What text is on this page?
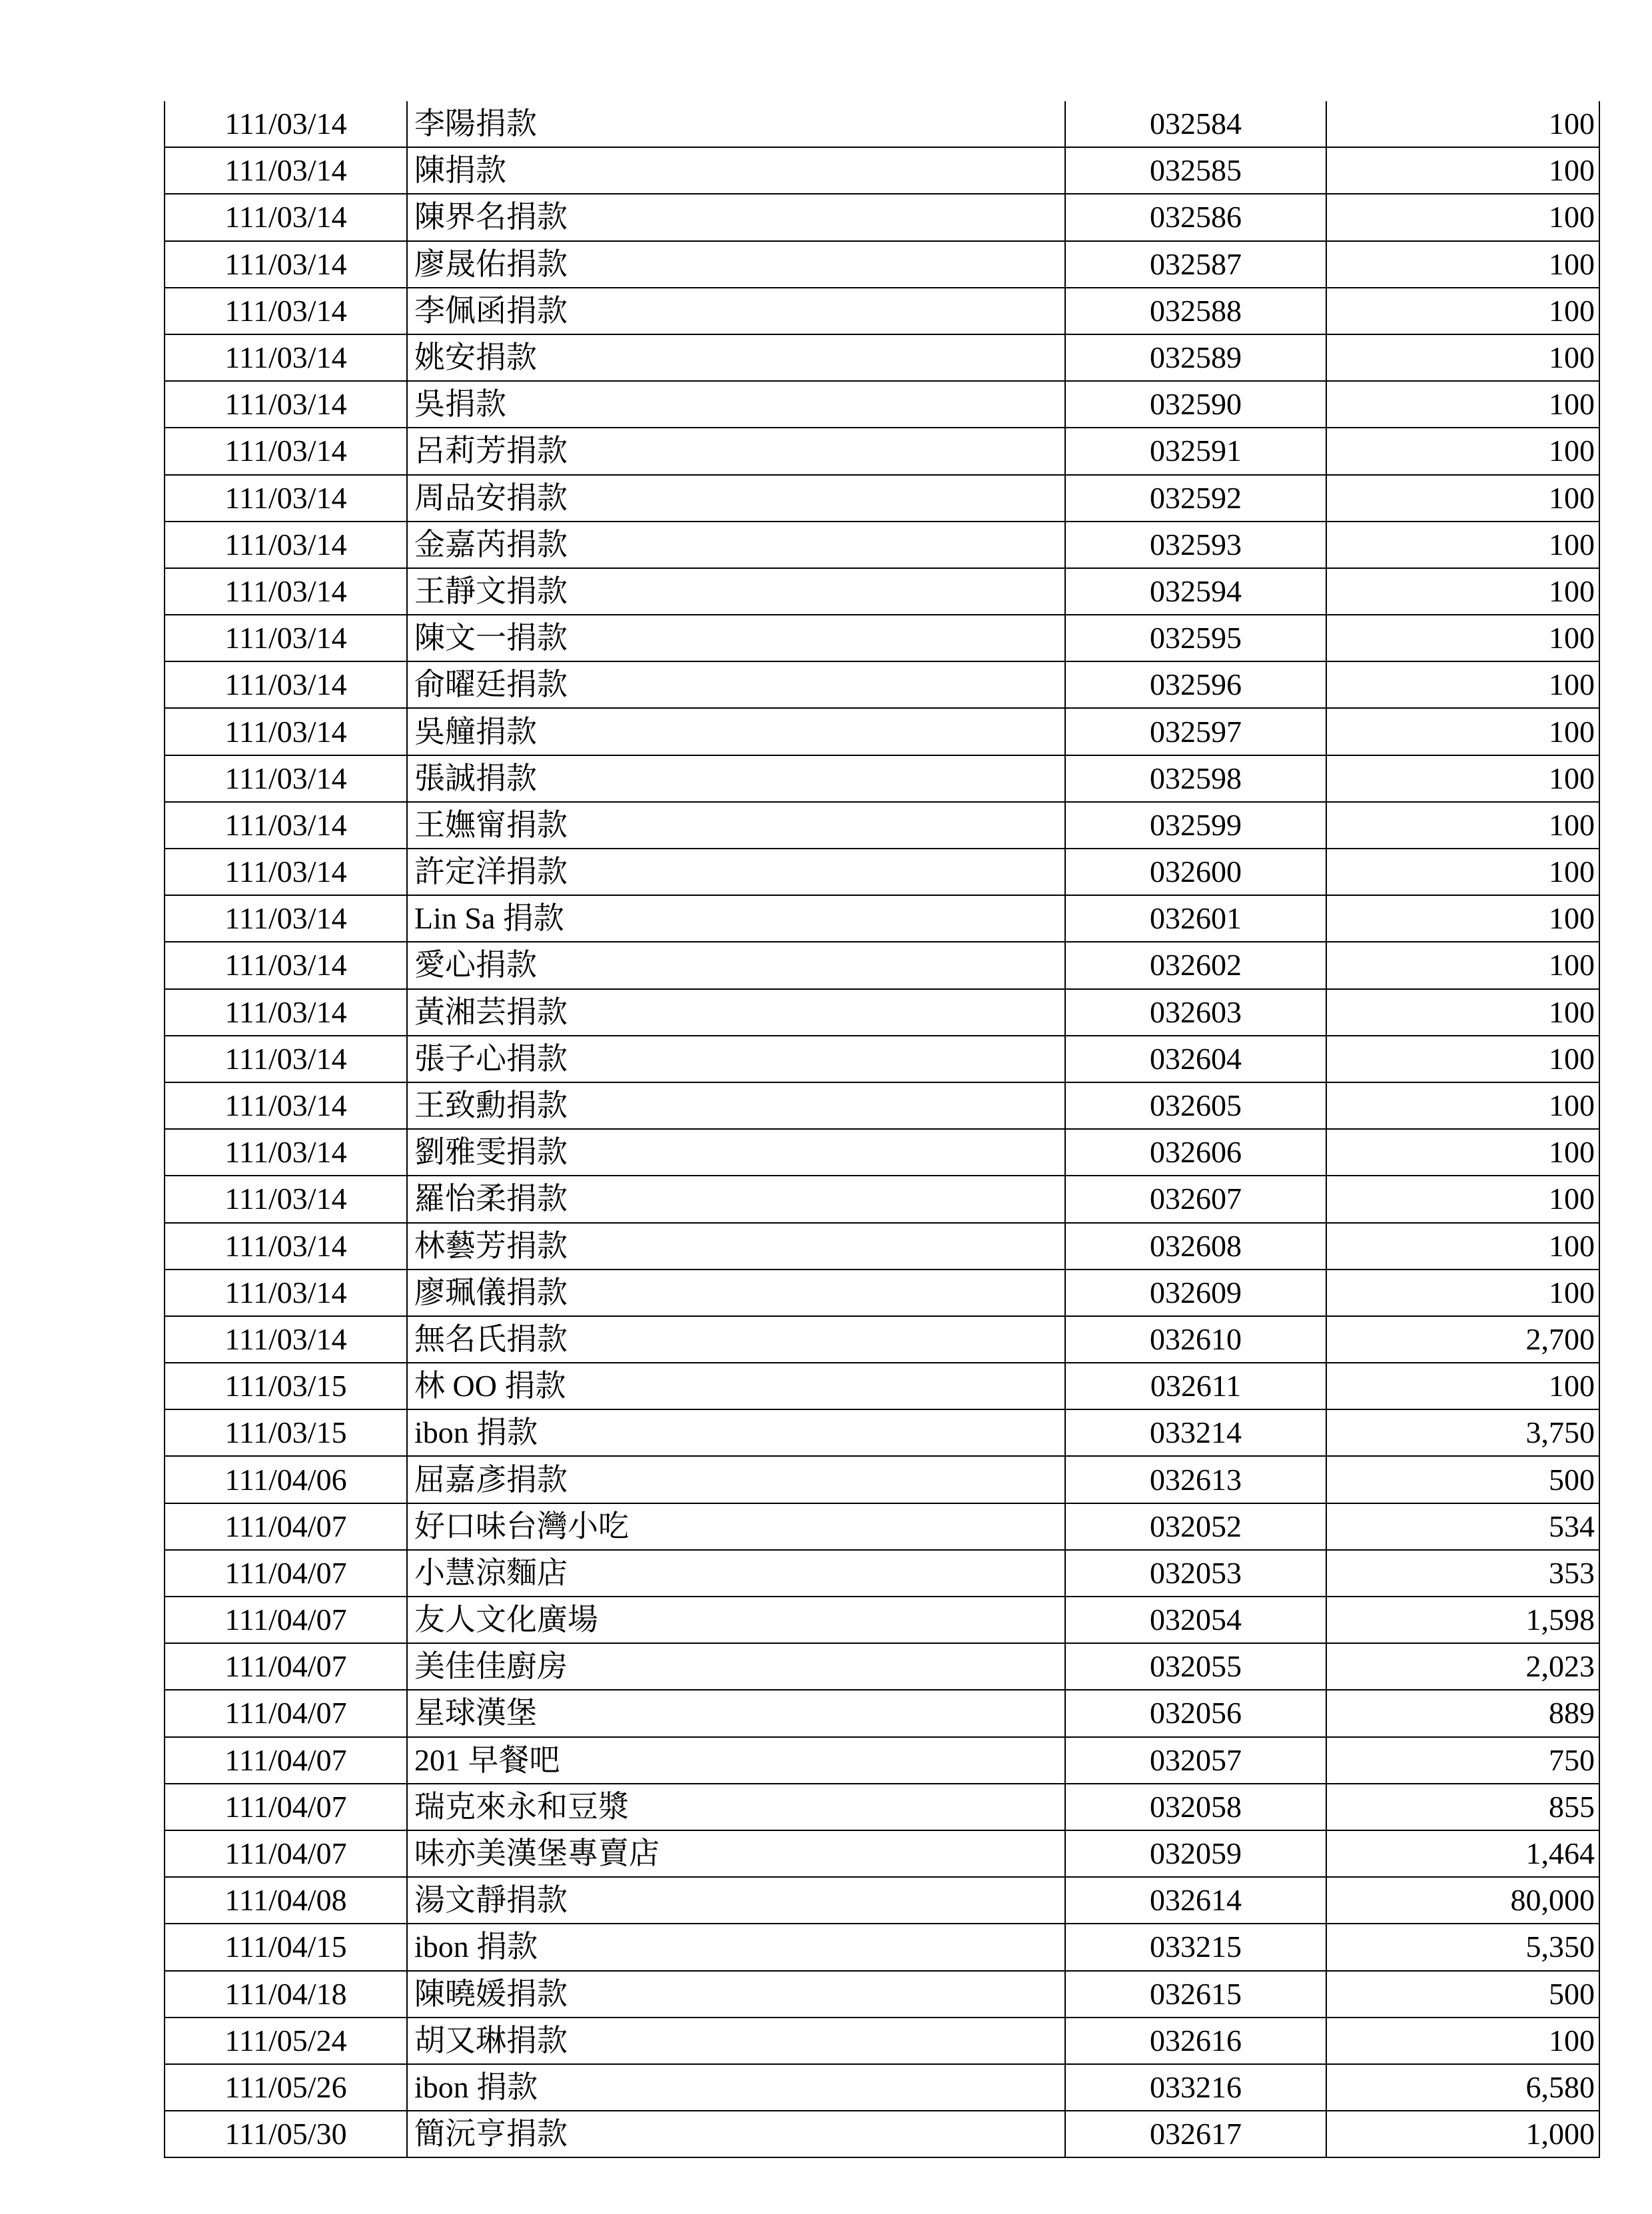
111/03/14	李陽捐款	032584	100
111/03/14	陳捐款	032585	100
111/03/14	陳界名捐款	032586	100
111/03/14	廖晟佑捐款	032587	100
111/03/14	李佩函捐款	032588	100
111/03/14	姚安捐款	032589	100
111/03/14	吳捐款	032590	100
111/03/14	呂莉芳捐款	032591	100
111/03/14	周品安捐款	032592	100
111/03/14	金嘉芮捐款	032593	100
111/03/14	王靜文捐款	032594	100
111/03/14	陳文一捐款	032595	100
111/03/14	俞曜廷捐款	032596	100
111/03/14	吳艟捐款	032597	100
111/03/14	張誠捐款	032598	100
111/03/14	王嫵甯捐款	032599	100
111/03/14	許定洋捐款	032600	100
111/03/14	Lin Sa 捐款	032601	100
111/03/14	愛心捐款	032602	100
111/03/14	黃湘芸捐款	032603	100
111/03/14	張子心捐款	032604	100
111/03/14	王致勳捐款	032605	100
111/03/14	劉雅雯捐款	032606	100
111/03/14	羅怡柔捐款	032607	100
111/03/14	林藝芳捐款	032608	100
111/03/14	廖珮儀捐款	032609	100
111/03/14	無名氏捐款	032610	2,700
111/03/15	林 OO 捐款	032611	100
111/03/15	ibon 捐款	033214	3,750
111/04/06	屈嘉彥捐款	032613	500
111/04/07	好口味台灣小吃	032052	534
111/04/07	小慧涼麵店	032053	353
111/04/07	友人文化廣場	032054	1,598
111/04/07	美佳佳廚房	032055	2,023
111/04/07	星球漢堡	032056	889
111/04/07	201 早餐吧	032057	750
111/04/07	瑞克來永和豆漿	032058	855
111/04/07	味亦美漢堡專賣店	032059	1,464
111/04/08	湯文靜捐款	032614	80,000
111/04/15	ibon 捐款	033215	5,350
111/04/18	陳曉媛捐款	032615	500
111/05/24	胡又琳捐款	032616	100
111/05/26	ibon 捐款	033216	6,580
111/05/30	簡沅亨捐款	032617	1,000
